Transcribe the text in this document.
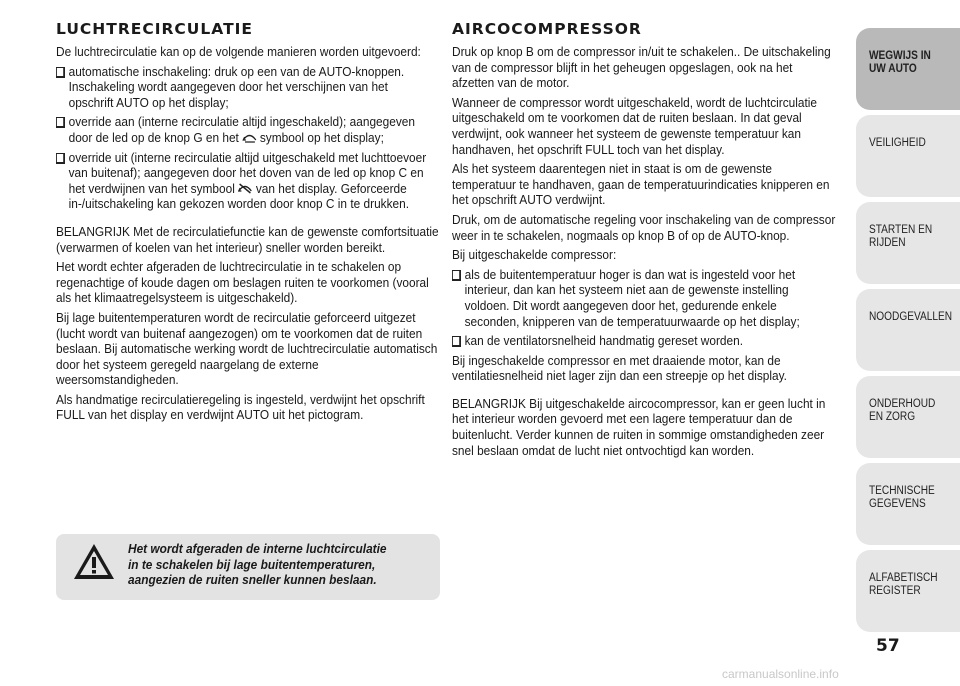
LUCHTRECIRCULATIE

De luchtrecirculatie kan op de volgende manieren worden uitgevoerd:

automatische inschakeling: druk op een van de AUTO-knoppen. Inschakeling wordt aangegeven door het verschijnen van het opschrift AUTO op het display;
override aan (interne recirculatie altijd ingeschakeld); aangegeven door de led op de knop G en het symbool op het display;
override uit (interne recirculatie altijd uitgeschakeld met luchttoevoer van buitenaf); aangegeven door het doven van de led op knop C en het verdwijnen van het symbool van het display. Geforceerde in-/uitschakeling kan gekozen worden door knop C in te drukken.

BELANGRIJK Met de recirculatiefunctie kan de gewenste comfortsituatie (verwarmen of koelen van het interieur) sneller worden bereikt.

Het wordt echter afgeraden de luchtrecirculatie in te schakelen op regenachtige of koude dagen om beslagen ruiten te voorkomen (vooral als het klimaatregelsysteem is uitgeschakeld).

Bij lage buitentemperaturen wordt de recirculatie geforceerd uitgezet (lucht wordt van buitenaf aangezogen) om te voorkomen dat de ruiten beslaan. Bij automatische werking wordt de luchtrecirculatie automatisch door het systeem geregeld naargelang de externe weersomstandigheden.

Als handmatige recirculatieregeling is ingesteld, verdwijnt het opschrift FULL van het display en verdwijnt AUTO uit het pictogram.

Het wordt afgeraden de interne luchtcirculatie in te schakelen bij lage buitentemperaturen, aangezien de ruiten sneller kunnen beslaan.
AIRCOCOMPRESSOR

Druk op knop B om de compressor in/uit te schakelen.. De uitschakeling van de compressor blijft in het geheugen opgeslagen, ook na het afzetten van de motor.

Wanneer de compressor wordt uitgeschakeld, wordt de luchtcirculatie uitgeschakeld om te voorkomen dat de ruiten beslaan. In dat geval verdwijnt, ook wanneer het systeem de gewenste temperatuur kan handhaven, het opschrift FULL toch van het display.

Als het systeem daarentegen niet in staat is om de gewenste temperatuur te handhaven, gaan de temperatuurindicaties knipperen en het opschrift AUTO verdwijnt.

Druk, om de automatische regeling voor inschakeling van de compressor weer in te schakelen, nogmaals op knop B of op de AUTO-knop.

Bij uitgeschakelde compressor:

als de buitentemperatuur hoger is dan wat is ingesteld voor het interieur, dan kan het systeem niet aan de gewenste instelling voldoen. Dit wordt aangegeven door het, gedurende enkele seconden, knipperen van de temperatuurwaarde op het display;
kan de ventilatorsnelheid handmatig gereset worden.

Bij ingeschakelde compressor en met draaiende motor, kan de ventilatiesnelheid niet lager zijn dan een streepje op het display.

BELANGRIJK Bij uitgeschakelde aircocompressor, kan er geen lucht in het interieur worden gevoerd met een lagere temperatuur dan de buitenlucht. Verder kunnen de ruiten in sommige omstandigheden zeer snel beslaan omdat de lucht niet ontvochtigd kan worden.

WEGWIJS IN UW AUTO
VEILIGHEID
STARTEN EN RIJDEN
NOODGEVALLEN
ONDERHOUD EN ZORG
TECHNISCHE GEGEVENS
ALFABETISCH REGISTER
57
carmanualsonline.info
